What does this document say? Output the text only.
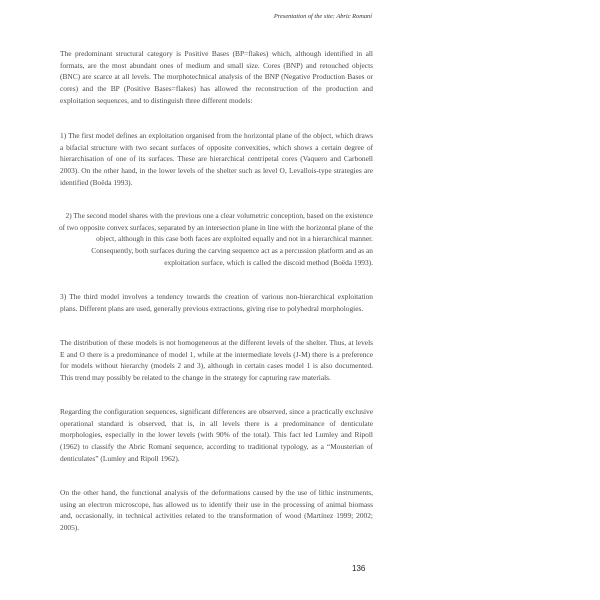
Presentation of the site: Abric Romaní

The predominant structural category is Positive Bases (BP=flakes) which, although identified in all formats, are the most abundant ones of medium and small size. Cores (BNP) and retouched objects (BNC) are scarce at all levels. The morphotechnical analysis of the BNP (Negative Production Bases or cores) and the BP (Positive Bases=flakes) has allowed the reconstruction of the production and exploitation sequences, and to distinguish three different models:

1) The first model defines an exploitation organised from the horizontal plane of the object, which draws a bifacial structure with two secant surfaces of opposite convexities, which shows a certain degree of hierarchisation of one of its surfaces. These are hierarchical centripetal cores (Vaquero and Carbonell 2003). On the other hand, in the lower levels of the shelter such as level O, Levallois-type strategies are identified (Boëda 1993).

2) The second model shares with the previous one a clear volumetric conception, based on the existence of two opposite convex surfaces, separated by an intersection plane in line with the horizontal plane of the object, although in this case both faces are exploited equally and not in a hierarchical manner. Consequently, both surfaces during the carving sequence act as a percussion platform and as an exploitation surface, which is called the discoid method (Boëda 1993).

3) The third model involves a tendency towards the creation of various non-hierarchical exploitation plans. Different plans are used, generally previous extractions, giving rise to polyhedral morphologies.

The distribution of these models is not homogeneous at the different levels of the shelter. Thus, at levels E and O there is a predominance of model 1, while at the intermediate levels (J-M) there is a preference for models without hierarchy (models 2 and 3), although in certain cases model 1 is also documented. This trend may possibly be related to the change in the strategy for capturing raw materials.

Regarding the configuration sequences, significant differences are observed, since a practically exclusive operational standard is observed, that is, in all levels there is a predominance of denticulate morphologies, especially in the lower levels (with 90% of the total). This fact led Lumley and Ripoll (1962) to classify the Abric Romaní sequence, according to traditional typology, as a “Mousterian of denticulates” (Lumley and Ripoll 1962).

On the other hand, the functional analysis of the deformations caused by the use of lithic instruments, using an electron microscope, has allowed us to identify their use in the processing of animal biomass and, occasionally, in technical activities related to the transformation of wood (Martínez 1999; 2002; 2005).

136
